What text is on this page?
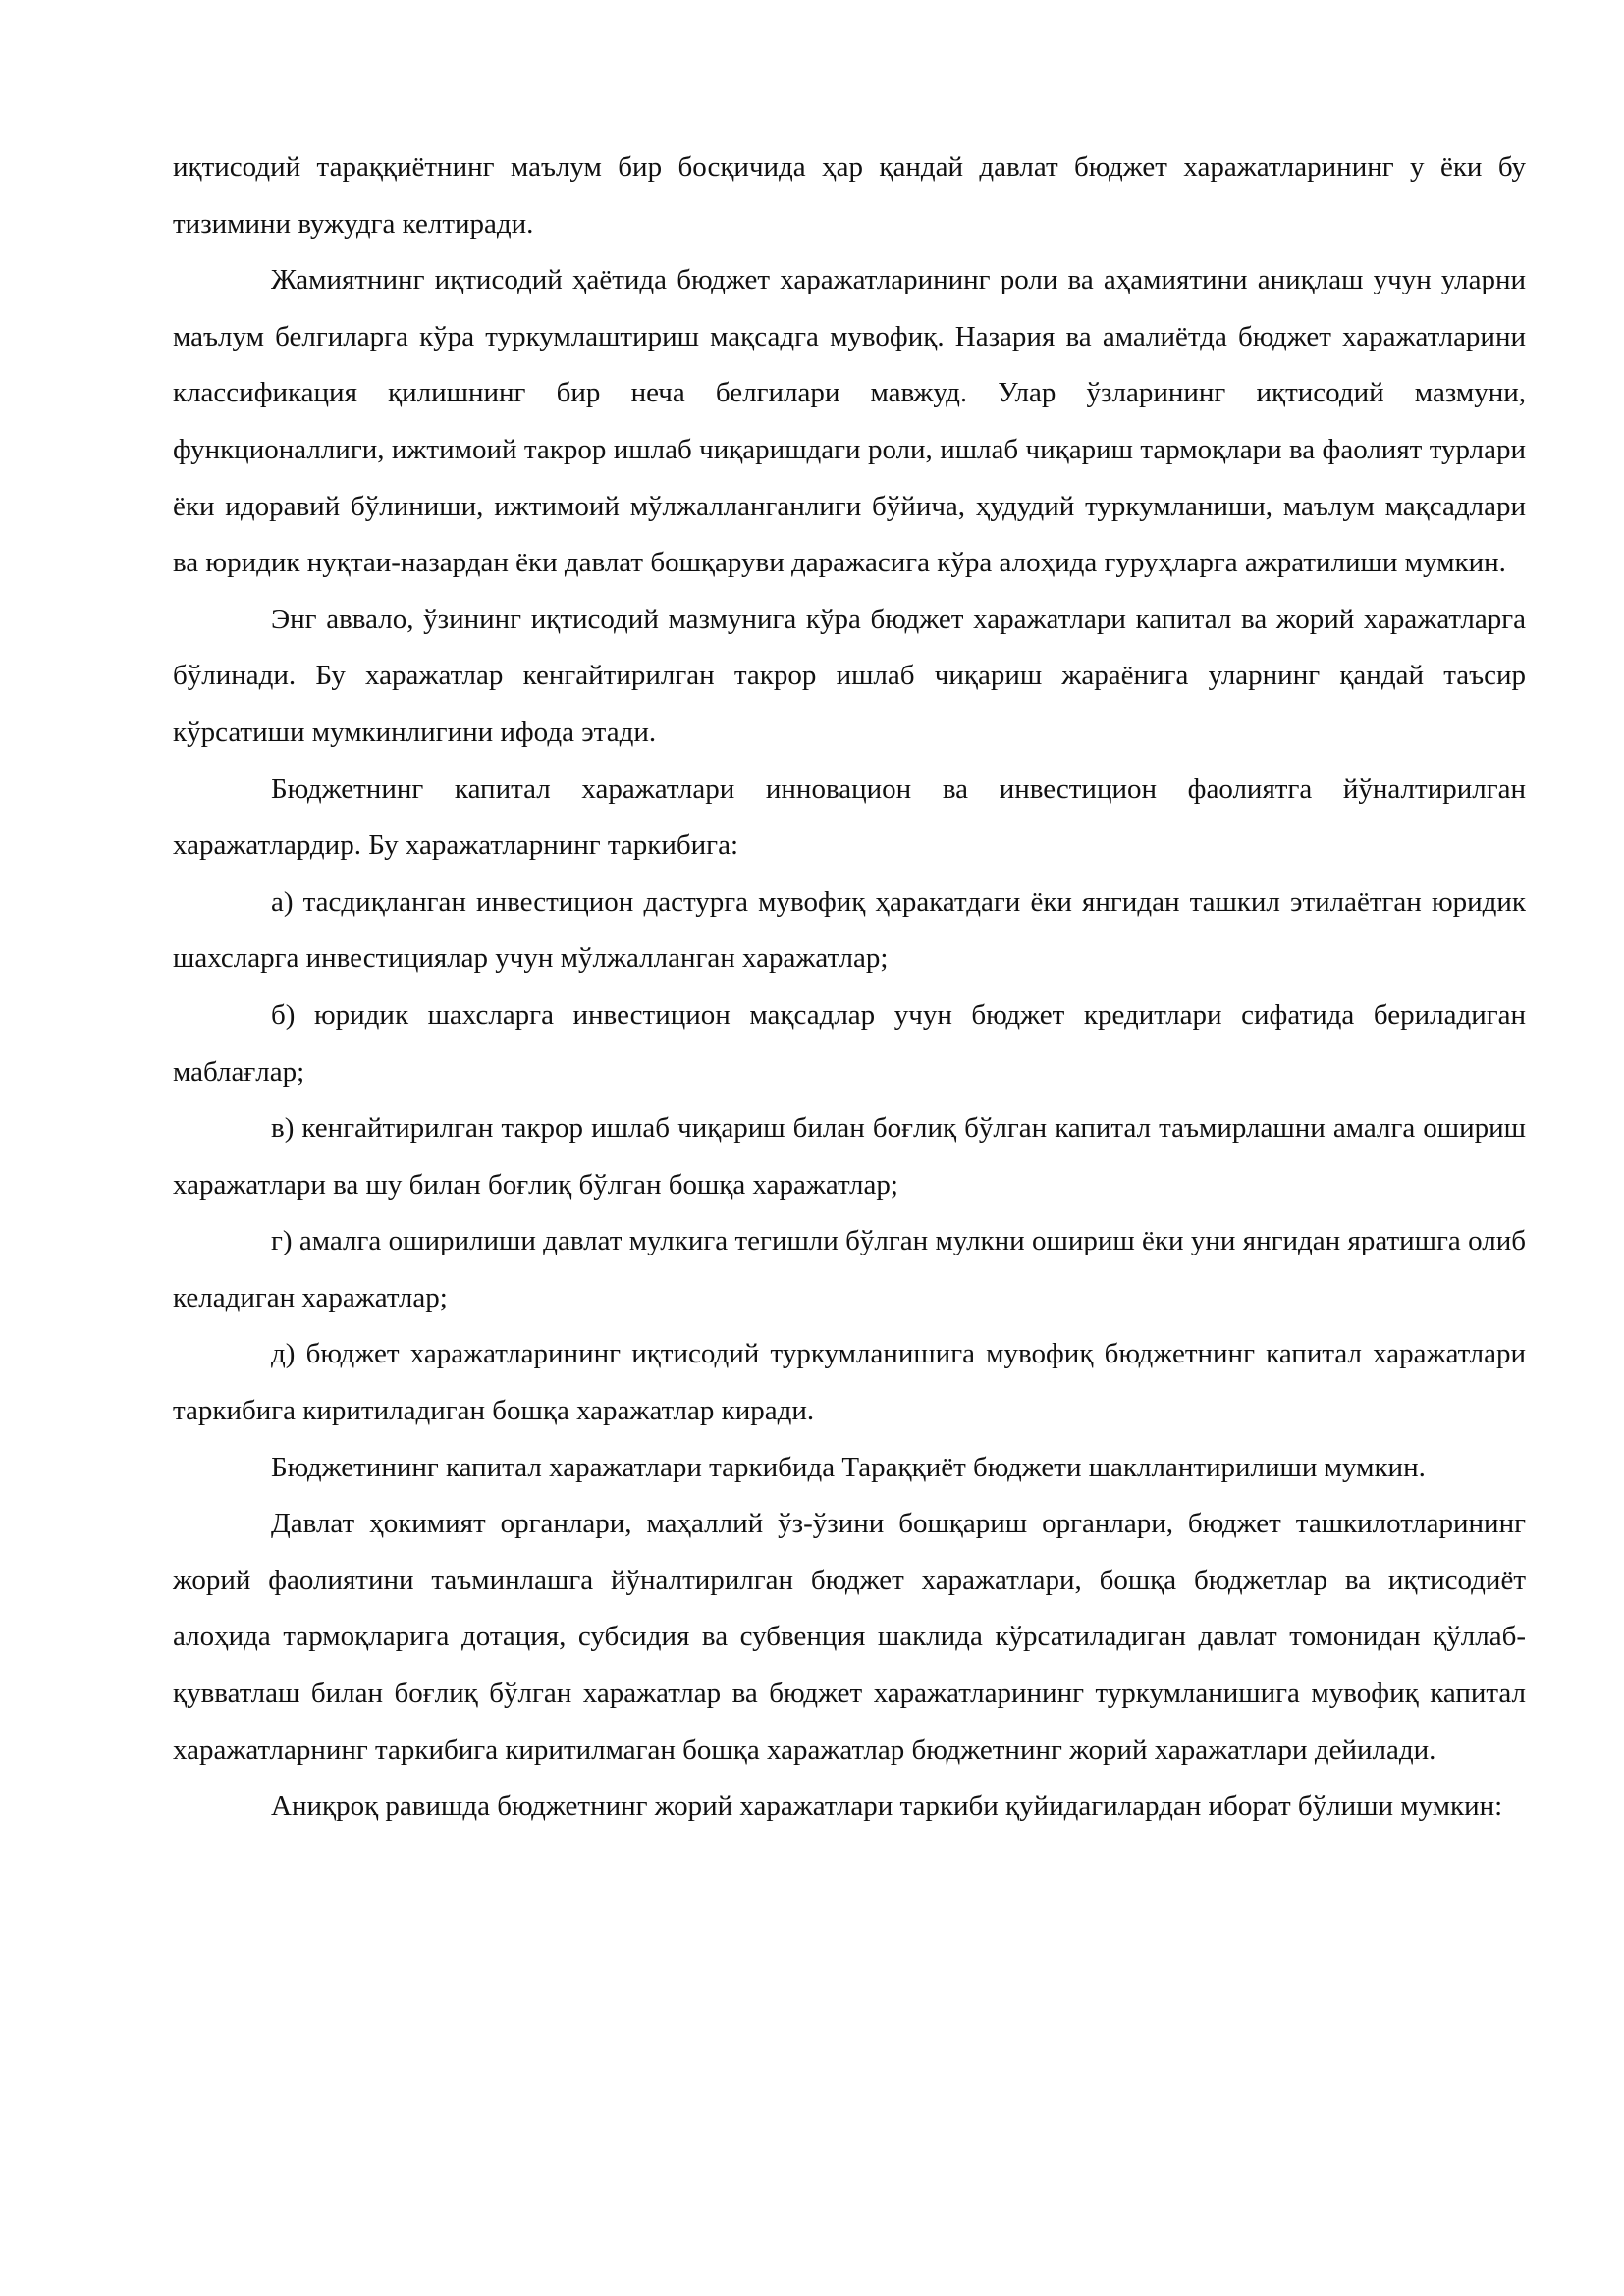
иқтисодий тараққиётнинг маълум бир босқичида ҳар қандай давлат бюджет харажатларининг у ёки бу тизимини вужудга келтиради.

Жамиятнинг иқтисодий ҳаётида бюджет харажатларининг роли ва аҳамиятини аниқлаш учун уларни маълум белгиларга кўра туркумлаштириш мақсадга мувофиқ. Назария ва амалиётда бюджет харажатларини классификация қилишнинг бир неча белгилари мавжуд. Улар ўзларининг иқтисодий мазмуни, функционаллиги, ижтимоий такрор ишлаб чиқаришдаги роли, ишлаб чиқариш тармоқлари ва фаолият турлари ёки идоравий бўлиниши, ижтимоий мўлжалланганлиги бўйича, ҳудудий туркумланиши, маълум мақсадлари ва юридик нуқтаи-назардан ёки давлат бошқаруви даражасига кўра алоҳида гуруҳларга ажратилиши мумкин.

Энг аввало, ўзининг иқтисодий мазмунига кўра бюджет харажатлари капитал ва жорий харажатларга бўлинади. Бу харажатлар кенгайтирилган такрор ишлаб чиқариш жараёнига уларнинг қандай таъсир кўрсатиши мумкинлигини ифода этади.

Бюджетнинг капитал харажатлари инновацион ва инвестицион фаолиятга йўналтирилган харажатлардир. Бу харажатларнинг таркибига:

а) тасдиқланган инвестицион дастурга мувофиқ ҳаракатдаги ёки янгидан ташкил этилаётган юридик шахсларга инвестициялар учун мўлжалланган харажатлар;

б) юридик шахсларга инвестицион мақсадлар учун бюджет кредитлари сифатида бериладиган маблағлар;

в) кенгайтирилган такрор ишлаб чиқариш билан боғлиқ бўлган капитал таъмирлашни амалга ошириш харажатлари ва шу билан боғлиқ бўлган бошқа харажатлар;

г) амалга оширилиши давлат мулкига тегишли бўлган мулкни ошириш ёки уни янгидан яратишга олиб келадиган харажатлар;

д) бюджет харажатларининг иқтисодий туркумланишига мувофиқ бюджетнинг капитал харажатлари таркибига киритиладиган бошқа харажатлар киради.

Бюджетининг капитал харажатлари таркибида Тараққиёт бюджети шакллантирилиши мумкин.

Давлат ҳокимият органлари, маҳаллий ўз-ўзини бошқариш органлари, бюджет ташкилотларининг жорий фаолиятини таъминлашга йўналтирилган бюджет харажатлари, бошқа бюджетлар ва иқтисодиёт алоҳида тармоқларига дотация, субсидия ва субвенция шаклида кўрсатиладиган давлат томонидан қўллаб-қувватлаш билан боғлиқ бўлган харажатлар ва бюджет харажатларининг туркумланишига мувофиқ капитал харажатларнинг таркибига киритилмаган бошқа харажатлар бюджетнинг жорий харажатлари дейилади.

Аниқроқ равишда бюджетнинг жорий харажатлари таркиби қуйидагилардан иборат бўлиши мумкин:
